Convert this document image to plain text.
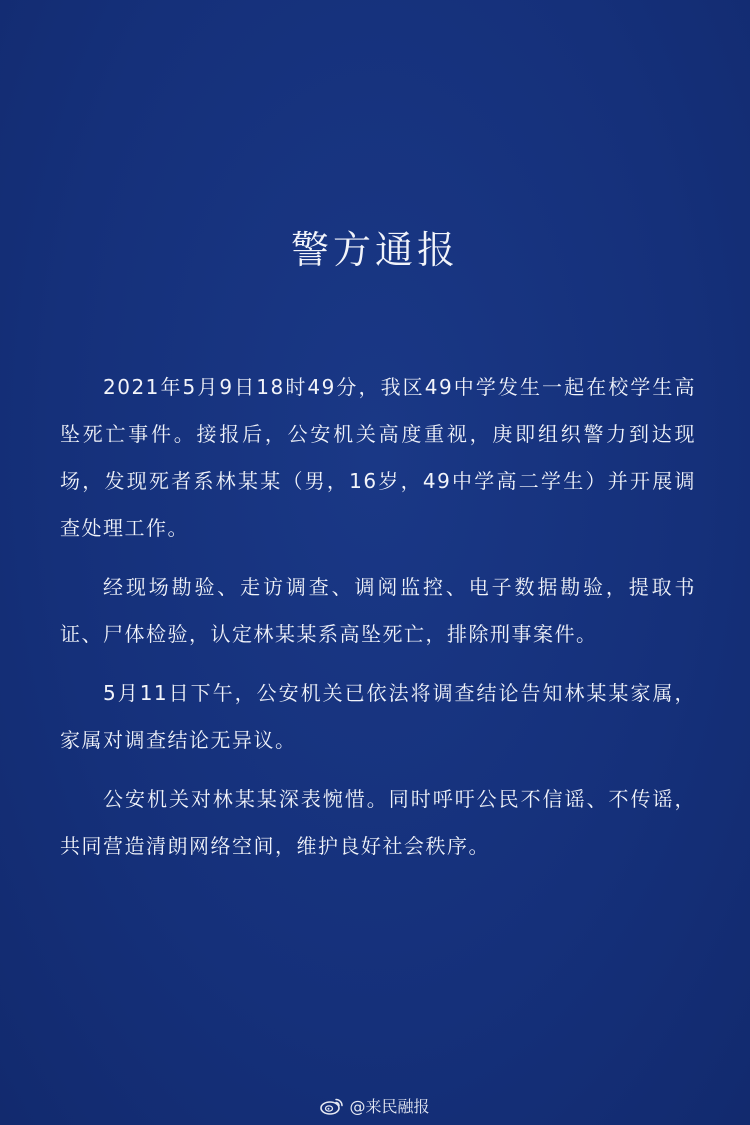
警方通报

2021年5月9日18时49分，我区49中学发生一起在校学生高坠死亡事件。接报后，公安机关高度重视，庚即组织警力到达现场，发现死者系林某某（男，16岁，49中学高二学生）并开展调查处理工作。

经现场勘验、走访调查、调阅监控、电子数据勘验，提取书证、尸体检验，认定林某某系高坠死亡，排除刑事案件。

5月11日下午，公安机关已依法将调查结论告知林某某家属，家属对调查结论无异议。

公安机关对林某某深表惋惜。同时呼吁公民不信谣、不传谣，共同营造清朗网络空间，维护良好社会秩序。

@来民融报
